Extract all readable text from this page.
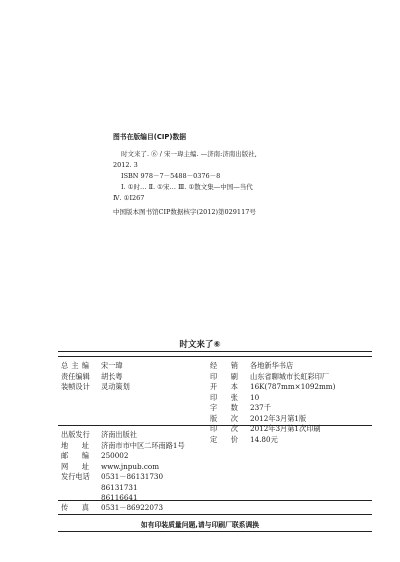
图书在版编目(CIP)数据
时文来了. ⑥ / 宋一瑋主编. —济南:济南出版社,
2012. 3
ISBN 978－7－5488－0376－8
Ⅰ. ①时… Ⅱ. ①宋… Ⅲ. ①散文集—中国—当代
Ⅳ. ①I267
中国版本图书馆CIP数据核字(2012)第029117号
时文来了⑥
总主编 宋一瑋
责任编辑 胡长粤
装帧设计 灵动策划
出版发行 济南出版社
地址 济南市市中区二环南路1号
邮编 250002
网址 www.jnpub.com
发行电话 0531－86131730
86131731
86116641
传真 0531－86922073
经销 各地新华书店
印刷 山东省聊城市长虹彩印厂
开本 16K(787mm×1092mm)
印张 10
字数 237千
版次 2012年3月第1版
印次 2012年3月第1次印刷
定价 14.80元
如有印装质量问题,请与印刷厂联系调换
